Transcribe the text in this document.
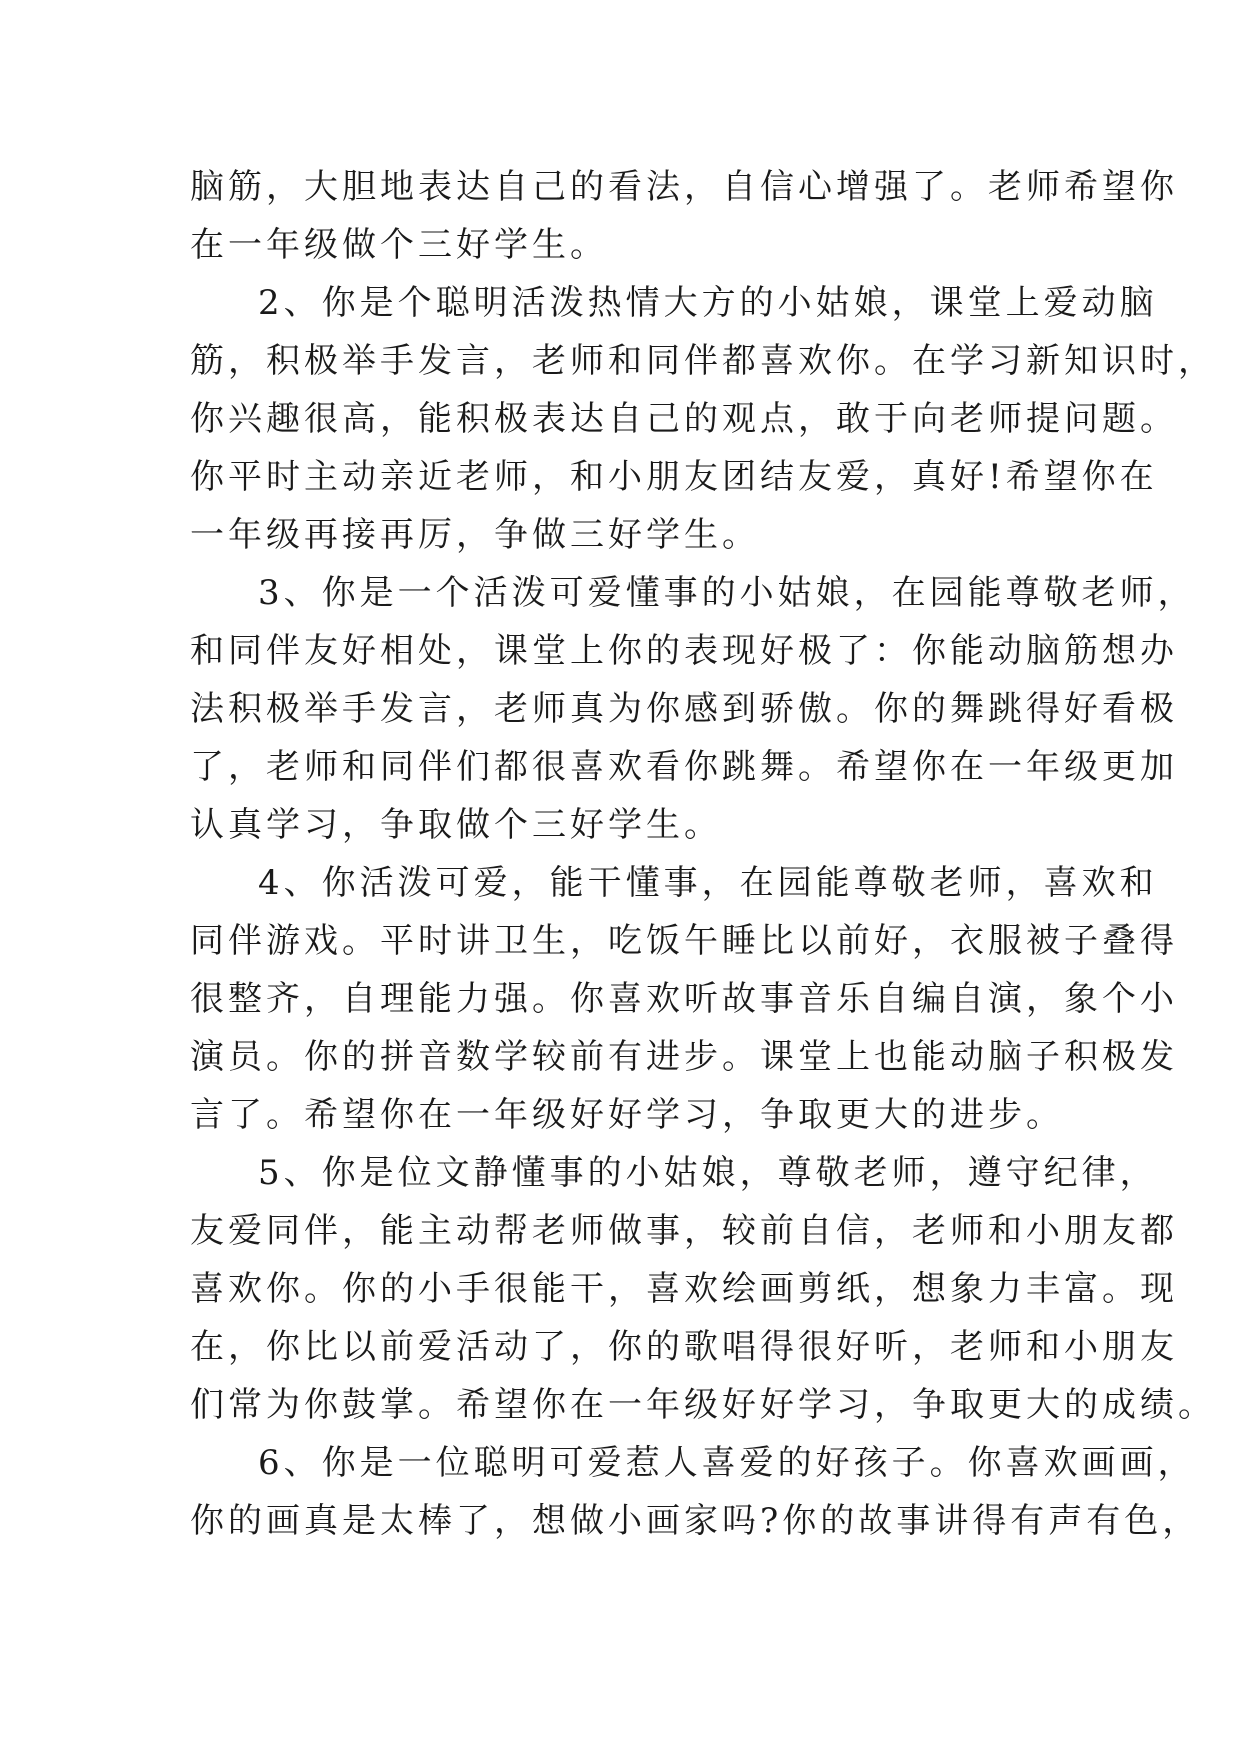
脑筋，大胆地表达自己的看法，自信心增强了。老师希望你
在一年级做个三好学生。
2、你是个聪明活泼热情大方的小姑娘，课堂上爱动脑
筋，积极举手发言，老师和同伴都喜欢你。在学习新知识时，
你兴趣很高，能积极表达自己的观点，敢于向老师提问题。
你平时主动亲近老师，和小朋友团结友爱，真好!希望你在
一年级再接再厉，争做三好学生。
3、你是一个活泼可爱懂事的小姑娘，在园能尊敬老师，
和同伴友好相处，课堂上你的表现好极了：你能动脑筋想办
法积极举手发言，老师真为你感到骄傲。你的舞跳得好看极
了，老师和同伴们都很喜欢看你跳舞。希望你在一年级更加
认真学习，争取做个三好学生。
4、你活泼可爱，能干懂事，在园能尊敬老师，喜欢和
同伴游戏。平时讲卫生，吃饭午睡比以前好，衣服被子叠得
很整齐，自理能力强。你喜欢听故事音乐自编自演，象个小
演员。你的拼音数学较前有进步。课堂上也能动脑子积极发
言了。希望你在一年级好好学习，争取更大的进步。
5、你是位文静懂事的小姑娘，尊敬老师，遵守纪律，
友爱同伴，能主动帮老师做事，较前自信，老师和小朋友都
喜欢你。你的小手很能干，喜欢绘画剪纸，想象力丰富。现
在，你比以前爱活动了，你的歌唱得很好听，老师和小朋友
们常为你鼓掌。希望你在一年级好好学习，争取更大的成绩。
6、你是一位聪明可爱惹人喜爱的好孩子。你喜欢画画，
你的画真是太棒了，想做小画家吗?你的故事讲得有声有色，
